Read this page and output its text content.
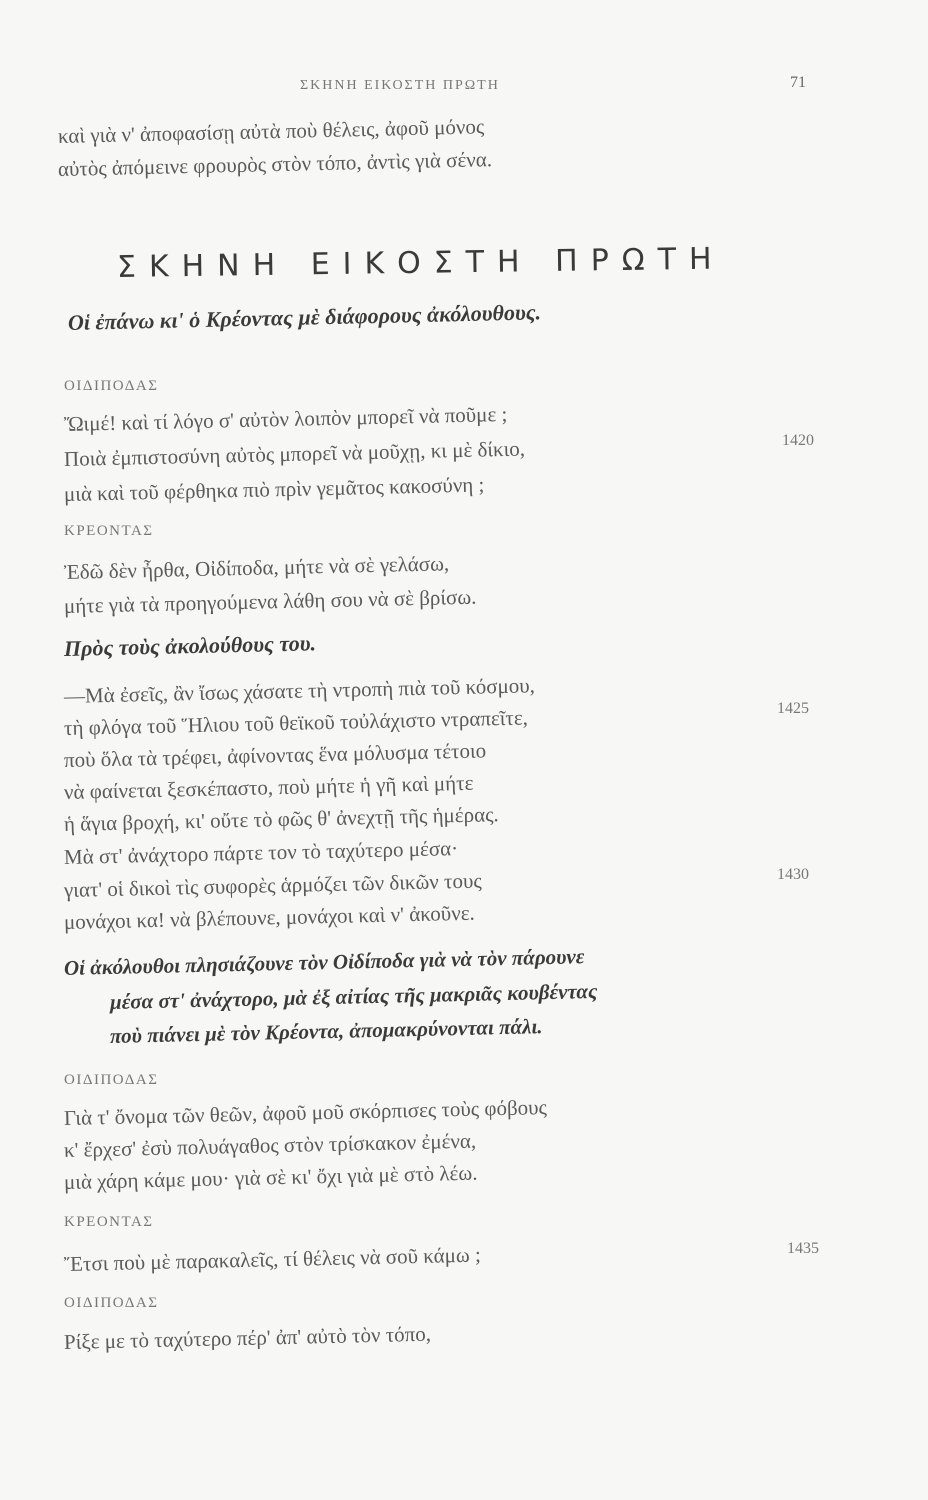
ΣΚΗΝΗ ΕΙΚΟΣΤΗ ΠΡΩΤΗ	71
καὶ γιὰ ν' ἀποφασίσῃ αὐτὰ ποὺ θέλεις, ἀφοῦ μόνος
αὐτὸς ἀπόμεινε φρουρὸς στὸν τόπο, ἀντὶς γιὰ σένα.
ΣΚΗΝΗ ΕΙΚΟΣΤΗ ΠΡΩΤΗ
Οἱ ἐπάνω κι' ὁ Κρέοντας μὲ διάφορους ἀκόλουθους.
ΟΙΔΙΠΟΔΑΣ
Ὤιμέ! καὶ τί λόγο σ' αὐτὸν λοιπὸν μπορεῖ νὰ ποῦμε ;
Ποιὰ ἐμπιστοσύνη αὐτὸς μπορεῖ νὰ μοῦχῃ, κι μὲ δίκιο,
μιὰ καὶ τοῦ φέρθηκα πιὸ πρὶν γεμᾶτος κακοσύνη ;
1420
ΚΡΕΟΝΤΑΣ
Ἐδῶ δὲν ἦρθα, Οἰδίποδα, μήτε νὰ σὲ γελάσω,
μήτε γιὰ τὰ προηγούμενα λάθη σου νὰ σὲ βρίσω.
Πρὸς τοὺς ἀκολούθους του.
—Μὰ ἐσεῖς, ἂν ἴσως χάσατε τὴ ντροπὴ πιὰ τοῦ κόσμου,
τὴ φλόγα τοῦ Ἥλιου τοῦ θεϊκοῦ τοὐλάχιστο ντραπεῖτε,
ποὺ ὅλα τὰ τρέφει, ἀφίνοντας ἕνα μόλυσμα τέτοιο
νὰ φαίνεται ξεσκέπαστο, ποὺ μήτε ἡ γῆ καὶ μήτε
ἡ ἅγια βροχή, κι' οὔτε τὸ φῶς θ' ἀνεχτῇ τῆς ἡμέρας.
Μὰ στ' ἀνάχτορο πάρτε τον τὸ ταχύτερο μέσα·
γιατ' οἱ δικοὶ τὶς συφορὲς ἁρμόζει τῶν δικῶν τους
μονάχοι κα! νὰ βλέπουνε, μονάχοι καὶ ν' ἀκοῦνε.
1425
1430
Οἱ ἀκόλουθοι πλησιάζουνε τὸν Οἰδίποδα γιὰ νὰ τὸν πάρουνε
μέσα στ' ἀνάχτορο, μὰ ἐξ αἰτίας τῆς μακριᾶς κουβέντας
ποὺ πιάνει μὲ τὸν Κρέοντα, ἀπομακρύνονται πάλι.
ΟΙΔΙΠΟΔΑΣ
Γιὰ τ' ὄνομα τῶν θεῶν, ἀφοῦ μοῦ σκόρπισες τοὺς φόβους
κ' ἔρχεσ' ἐσὺ πολυάγαθος στὸν τρίσκακον ἐμένα,
μιὰ χάρη κάμε μου· γιὰ σὲ κι' ὄχι γιὰ μὲ στὸ λέω.
ΚΡΕΟΝΤΑΣ
Ἔτσι ποὺ μὲ παρακαλεῖς, τί θέλεις νὰ σοῦ κάμω ;	1435
ΟΙΔΙΠΟΔΑΣ
Ρίξε με τὸ ταχύτερο πέρ' ἀπ' αὐτὸ τὸν τόπο,
